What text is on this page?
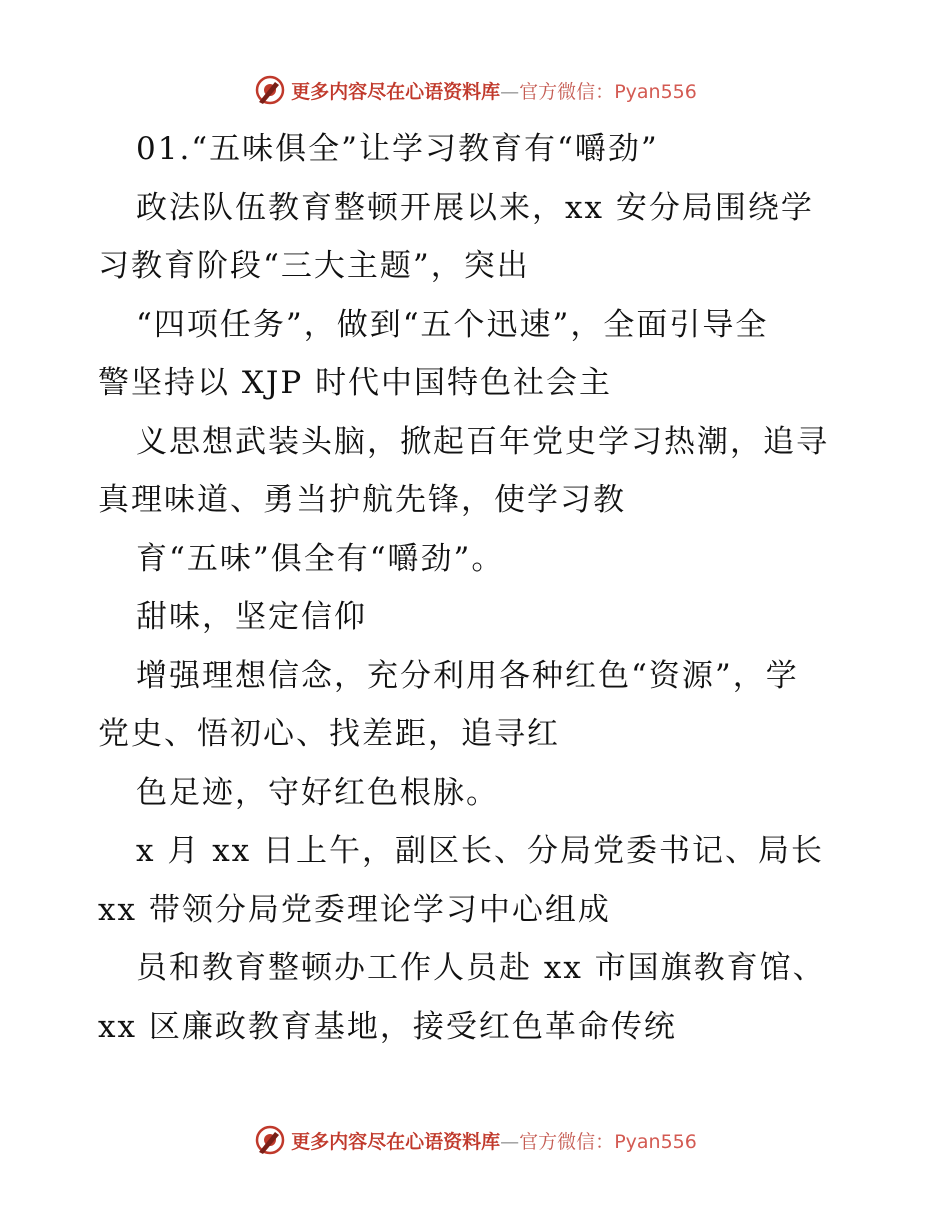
更多内容尽在心语资料库—官方微信：Pyan556
01.“五味俱全”让学习教育有“嚼劲”
政法队伍教育整顿开展以来，xx 安分局围绕学
习教育阶段“三大主题”，突出
“四项任务”，做到“五个迅速”，全面引导全
警坚持以 XJP 时代中国特色社会主
义思想武装头脑，掀起百年党史学习热潮，追寻
真理味道、勇当护航先锋，使学习教
育“五味”俱全有“嚼劲”。
甜味，坚定信仰
增强理想信念，充分利用各种红色“资源”，学
党史、悟初心、找差距，追寻红
色足迹，守好红色根脉。
x 月 xx 日上午，副区长、分局党委书记、局长
xx 带领分局党委理论学习中心组成
员和教育整顿办工作人员赴 xx 市国旗教育馆、
xx 区廉政教育基地，接受红色革命传统
更多内容尽在心语资料库—官方微信：Pyan556
